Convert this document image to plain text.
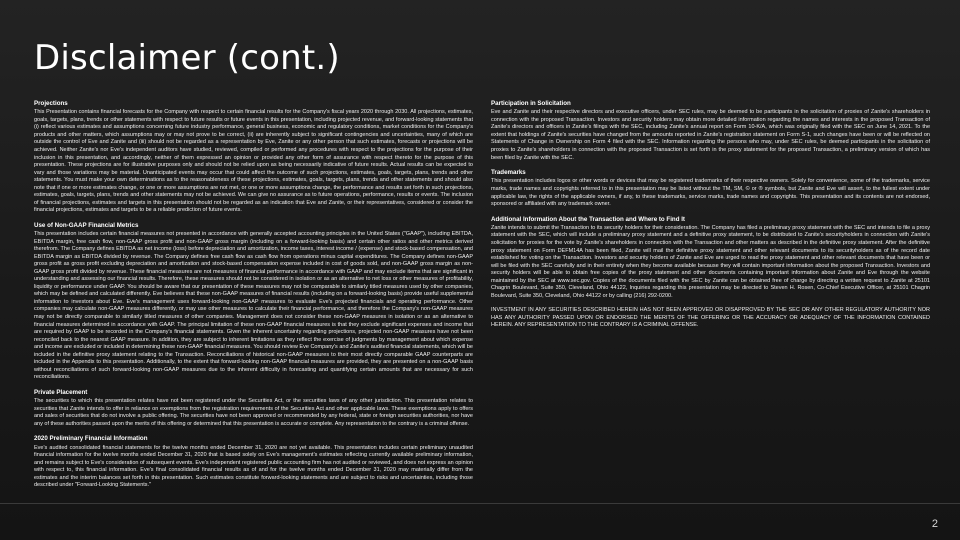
Disclaimer (cont.)
Projections
This Presentation contains financial forecasts for the Company with respect to certain financial results for the Company's fiscal years 2020 through 2030. All projections, estimates, goals, targets, plans, trends or other statements with respect to future results or future events in this presentation, including projected revenue, and forward-looking statements that (i) reflect various estimates and assumptions concerning future industry performance, general business, economic and regulatory conditions, market conditions for the Company's products and other matters, which assumptions may or may not prove to be correct, (ii) are inherently subject to significant contingencies and uncertainties, many of which are outside the control of Eve and Zanite and (iii) should not be regarded as a representation by Eve, Zanite or any other person that such estimates, forecasts or projections will be achieved. Neither Zanite's nor Eve's independent auditors have studied, reviewed, compiled or performed any procedures with respect to the projections for the purpose of their inclusion in this presentation, and accordingly, neither of them expressed an opinion or provided any other form of assurance with respect thereto for the purpose of this presentation. These projections are for illustrative purposes only and should not be relied upon as being necessarily indicative of future results. Actual results can be expected to vary and those variations may be material. Unanticipated events may occur that could affect the outcome of such projections, estimates, goals, targets, plans, trends and other statements. You must make your own determinations as to the reasonableness of these projections, estimates, goals, targets, plans, trends and other statements and should also note that if one or more estimates change, or one or more assumptions are not met, or one or more assumptions change, the performance and results set forth in such projections, estimates, goals, targets, plans, trends and other statements may not be achieved. We can give no assurance as to future operations, performance, results or events. The inclusion of financial projections, estimates and targets in this presentation should not be regarded as an indication that Eve and Zanite, or their representatives, considered or consider the financial projections, estimates and targets to be a reliable prediction of future events.
Use of Non-GAAP Financial Metrics
This presentation includes certain financial measures not presented in accordance with generally accepted accounting principles in the United States ("GAAP"), including EBITDA, EBITDA margin, free cash flow, non-GAAP gross profit and non-GAAP gross margin (including on a forward-looking basis) and certain other ratios and other metrics derived therefrom. The Company defines EBITDA as net income (loss) before depreciation and amortization, income taxes, interest income / (expense) and stock-based compensation, and EBITDA margin as EBITDA divided by revenue. The Company defines free cash flow as cash flow from operations minus capital expenditures. The Company defines non-GAAP gross profit as gross profit excluding depreciation and amortization and stock-based compensation expense included in cost of goods sold, and non-GAAP gross margin as non-GAAP gross profit divided by revenue. These financial measures are not measures of financial performance in accordance with GAAP and may exclude items that are significant in understanding and assessing our financial results. Therefore, these measures should not be considered in isolation or as an alternative to net loss or other measures of profitability, liquidity or performance under GAAP. You should be aware that our presentation of these measures may not be comparable to similarly titled measures used by other companies, which may be defined and calculated differently. Eve believes that these non-GAAP measures of financial results (including on a forward-looking basis) provide useful supplemental information to investors about Eve. Eve's management uses forward-looking non-GAAP measures to evaluate Eve's projected financials and operating performance. Other companies may calculate non-GAAP measures differently, or may use other measures to calculate their financial performance, and therefore the Company's non-GAAP measures may not be directly comparable to similarly titled measures of other companies. Management does not consider these non-GAAP measures in isolation or as an alternative to financial measures determined in accordance with GAAP. The principal limitation of these non-GAAP financial measures is that they exclude significant expenses and income that are required by GAAP to be recorded in the Company's financial statements. Given the inherent uncertainty regarding projections, projected non-GAAP measures have not been reconciled back to the nearest GAAP measure. In addition, they are subject to inherent limitations as they reflect the exercise of judgments by management about which expense and income are excluded or included in determining these non-GAAP financial measures. You should review Eve Company's and Zanite's audited financial statements, which will be included in the definitive proxy statement relating to the Transaction. Reconciliations of historical non-GAAP measures to their most directly comparable GAAP counterparts are included in the Appendix to this presentation. Additionally, to the extent that forward-looking non-GAAP financial measures are provided, they are presented on a non-GAAP basis without reconciliations of such forward-looking non-GAAP measures due to the inherent difficulty in forecasting and quantifying certain amounts that are necessary for such reconciliations.
Private Placement
The securities to which this presentation relates have not been registered under the Securities Act, or the securities laws of any other jurisdiction. This presentation relates to securities that Zanite intends to offer in reliance on exemptions from the registration requirements of the Securities Act and other applicable laws. These exemptions apply to offers and sales of securities that do not involve a public offering. The securities have not been approved or recommended by any federal, state or foreign securities authorities, nor have any of these authorities passed upon the merits of this offering or determined that this presentation is accurate or complete. Any representation to the contrary is a criminal offense.
2020 Preliminary Financial Information
Eve's audited consolidated financial statements for the twelve months ended December 31, 2020 are not yet available. This presentation includes certain preliminary unaudited financial information for the twelve months ended December 31, 2020 that is based solely on Eve's management's estimates reflecting currently available preliminary information, and remains subject to Eve's consideration of subsequent events. Eve's independent registered public accounting firm has not audited or reviewed, and does not express an opinion with respect to, this financial information. Eve's final consolidated financial results as of and for the twelve months ended December 31, 2020 may materially differ from the estimates and the interim balances set forth in this presentation. Such estimates constitute forward-looking statements and are subject to risks and uncertainties, including those described under "Forward-Looking Statements."
Participation in Solicitation
Eve and Zanite and their respective directors and executive officers, under SEC rules, may be deemed to be participants in the solicitation of proxies of Zanite's shareholders in connection with the proposed Transaction. Investors and security holders may obtain more detailed information regarding the names and interests in the proposed Transaction of Zanite's directors and officers in Zanite's filings with the SEC, including Zanite's annual report on Form 10-K/A, which was originally filed with the SEC on June 14, 2021. To the extent that holdings of Zanite's securities have changed from the amounts reported in Zanite's registration statement on Form S-1, such changes have been or will be reflected on Statements of Change in Ownership on Form 4 filed with the SEC. Information regarding the persons who may, under SEC rules, be deemed participants in the solicitation of proxies to Zanite's shareholders in connection with the proposed Transaction is set forth in the proxy statement for the proposed Transaction, a preliminary version of which has been filed by Zanite with the SEC.
Trademarks
This presentation includes logos or other words or devices that may be registered trademarks of their respective owners. Solely for convenience, some of the trademarks, service marks, trade names and copyrights referred to in this presentation may be listed without the TM, SM, © or ® symbols, but Zanite and Eve will assert, to the fullest extent under applicable law, the rights of the applicable owners, if any, to these trademarks, service marks, trade names and copyrights. This presentation and its contents are not endorsed, sponsored or affiliated with any trademark owner.
Additional Information About the Transaction and Where to Find It
Zanite intends to submit the Transaction to its security holders for their consideration. The Company has filed a preliminary proxy statement with the SEC and intends to file a proxy statement with the SEC, which will include a preliminary proxy statement and a definitive proxy statement, to be distributed to Zanite's securityholders in connection with Zanite's solicitation for proxies for the vote by Zanite's shareholders in connection with the Transaction and other matters as described in the definitive proxy statement. After the definitive proxy statement on Form DEFM14A has been filed, Zanite will mail the definitive proxy statement and other relevant documents to its securityholders as of the record date established for voting on the Transaction. Investors and security holders of Zanite and Eve are urged to read the proxy statement and other relevant documents that have been or will be filed with the SEC carefully and in their entirety when they become available because they will contain important information about the proposed Transaction. Investors and security holders will be able to obtain free copies of the proxy statement and other documents containing important information about Zanite and Eve through the website maintained by the SEC at www.sec.gov. Copies of the documents filed with the SEC by Zanite can be obtained free of charge by directing a written request to Zanite at 25101 Chagrin Boulevard, Suite 350, Cleveland, Ohio 44122, Inquiries regarding this presentation may be directed to Steven H. Rosen, Co-Chief Executive Officer, at 25101 Chagrin Boulevard, Suite 350, Cleveland, Ohio 44122 or by calling (216) 292-0200.
INVESTMENT IN ANY SECURITIES DESCRIBED HEREIN HAS NOT BEEN APPROVED OR DISAPPROVED BY THE SEC OR ANY OTHER REGULATORY AUTHORITY NOR HAS ANY AUTHORITY PASSED UPON OR ENDORSED THE MERITS OF THE OFFERING OR THE ACCURACY OR ADEQUACY OF THE INFORMATION CONTAINED HEREIN. ANY REPRESENTATION TO THE CONTRARY IS A CRIMINAL OFFENSE.
2
